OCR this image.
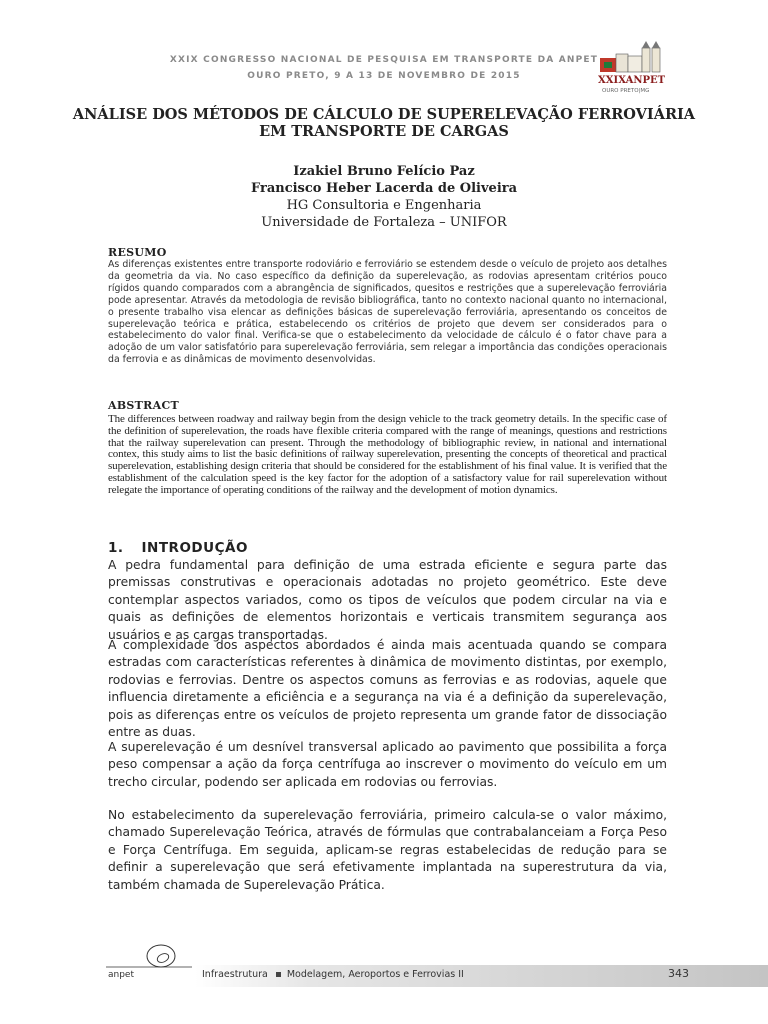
XXIX CONGRESSO NACIONAL DE PESQUISA EM TRANSPORTE DA ANPET
OURO PRETO, 9 A 13 DE NOVEMBRO DE 2015	XXIXANPET
OURO PRETO|MG
ANÁLISE DOS MÉTODOS DE CÁLCULO DE SUPERELEVAÇÃO FERROVIÁRIA
EM TRANSPORTE DE CARGAS
Izakiel Bruno Felício Paz
Francisco Heber Lacerda de Oliveira
HG Consultoria e Engenharia
Universidade de Fortaleza – UNIFOR
RESUMO
As diferenças existentes entre transporte rodoviário e ferroviário se estendem desde o veículo de projeto aos detalhes da geometria da via. No caso específico da definição da superelevação, as rodovias apresentam critérios pouco rígidos quando comparados com a abrangência de significados, quesitos e restrições que a superelevação ferroviária pode apresentar. Através da metodologia de revisão bibliográfica, tanto no contexto nacional quanto no internacional, o presente trabalho visa elencar as definições básicas de superelevação ferroviária, apresentando os conceitos de superelevação teórica e prática, estabelecendo os critérios de projeto que devem ser considerados para o estabelecimento do valor final. Verifica-se que o estabelecimento da velocidade de cálculo é o fator chave para a adoção de um valor satisfatório para superelevação ferroviária, sem relegar a importância das condições operacionais da ferrovia e as dinâmicas de movimento desenvolvidas.
ABSTRACT
The differences between roadway and railway begin from the design vehicle to the track geometry details. In the specific case of the definition of superelevation, the roads have flexible criteria compared with the range of meanings, questions and restrictions that the railway superelevation can present. Through the methodology of bibliographic review, in national and international contex, this study aims to list the basic definitions of railway superelevation, presenting the concepts of theoretical and practical superelevation, establishing design criteria that should be considered for the establishment of his final value. It is verified that the establishment of the calculation speed is the key factor for the adoption of a satisfactory value for rail superelevation without relegate the importance of operating conditions of the railway and the development of motion dynamics.
1. INTRODUÇÃO
A pedra fundamental para definição de uma estrada eficiente e segura parte das premissas construtivas e operacionais adotadas no projeto geométrico. Este deve contemplar aspectos variados, como os tipos de veículos que podem circular na via e quais as definições de elementos horizontais e verticais transmitem segurança aos usuários e as cargas transportadas.
A complexidade dos aspectos abordados é ainda mais acentuada quando se compara estradas com características referentes à dinâmica de movimento distintas, por exemplo, rodovias e ferrovias. Dentre os aspectos comuns as ferrovias e as rodovias, aquele que influencia diretamente a eficiência e a segurança na via é a definição da superelevação, pois as diferenças entre os veículos de projeto representa um grande fator de dissociação entre as duas.
A superelevação é um desnível transversal aplicado ao pavimento que possibilita a força peso compensar a ação da força centrífuga ao inscrever o movimento do veículo em um trecho circular, podendo ser aplicada em rodovias ou ferrovias.
No estabelecimento da superelevação ferroviária, primeiro calcula-se o valor máximo, chamado Superelevação Teórica, através de fórmulas que contrabalanceiam a Força Peso e Força Centrífuga. Em seguida, aplicam-se regras estabelecidas de redução para se definir a superelevação que será efetivamente implantada na superestrutura da via, também chamada de Superelevação Prática.
anpet	Infraestrutura Modelagem, Aeroportos e Ferrovias II	343
